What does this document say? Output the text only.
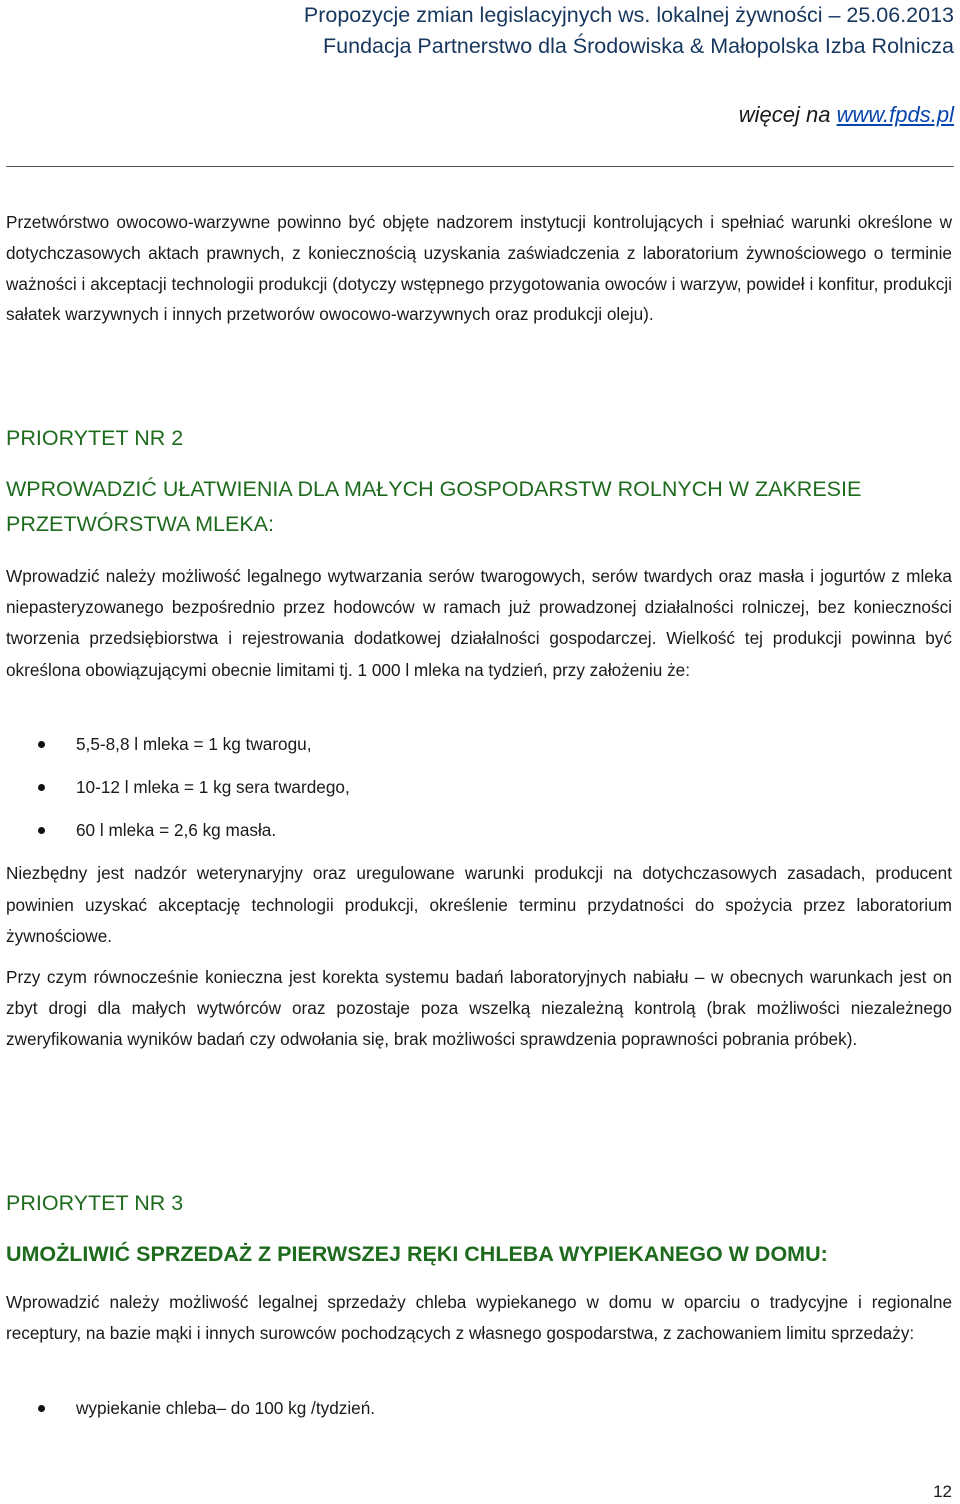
Propozycje zmian legislacyjnych ws. lokalnej żywności – 25.06.2013
Fundacja Partnerstwo dla Środowiska & Małopolska Izba Rolnicza
więcej na www.fpds.pl

Przetwórstwo owocowo-warzywne powinno być objęte nadzorem instytucji kontrolujących i spełniać warunki określone w dotychczasowych aktach prawnych, z koniecznością uzyskania zaświadczenia z laboratorium żywnościowego o terminie ważności i akceptacji technologii produkcji (dotyczy wstępnego przygotowania owoców i warzyw, powideł i konfitur, produkcji sałatek warzywnych i innych przetworów owocowo-warzywnych oraz produkcji oleju).

PRIORYTET NR 2
WPROWADZIĆ UŁATWIENIA DLA MAŁYCH GOSPODARSTW ROLNYCH W ZAKRESIE PRZETWÓRSTWA MLEKA:

Wprowadzić należy możliwość legalnego wytwarzania serów twarogowych, serów twardych oraz masła i jogurtów z mleka niepasteryzowanego bezpośrednio przez hodowców w ramach już prowadzonej działalności rolniczej, bez konieczności tworzenia przedsiębiorstwa i rejestrowania dodatkowej działalności gospodarczej. Wielkość tej produkcji powinna być określona obowiązującymi obecnie limitami tj. 1 000 l mleka na tydzień, przy założeniu że:

5,5-8,8 l mleka = 1 kg twarogu,
10-12 l mleka = 1 kg sera twardego,
60 l mleka = 2,6 kg masła.

Niezbędny jest nadzór weterynaryjny oraz uregulowane warunki produkcji na dotychczasowych zasadach, producent powinien uzyskać akceptację technologii produkcji, określenie terminu przydatności do spożycia przez laboratorium żywnościowe.

Przy czym równocześnie konieczna jest korekta systemu badań laboratoryjnych nabiału – w obecnych warunkach jest on zbyt drogi dla małych wytwórców oraz pozostaje poza wszelką niezależną kontrolą (brak możliwości niezależnego zweryfikowania wyników badań czy odwołania się, brak możliwości sprawdzenia poprawności pobrania próbek).

PRIORYTET NR 3
UMOŻLIWIĆ SPRZEDAŻ Z PIERWSZEJ RĘKI CHLEBA WYPIEKANEGO W DOMU:

Wprowadzić należy możliwość legalnej sprzedaży chleba wypiekanego w domu w oparciu o tradycyjne i regionalne receptury, na bazie mąki i innych surowców pochodzących z własnego gospodarstwa, z zachowaniem limitu sprzedaży:

wypiekanie chleba– do 100 kg /tydzień.
12
